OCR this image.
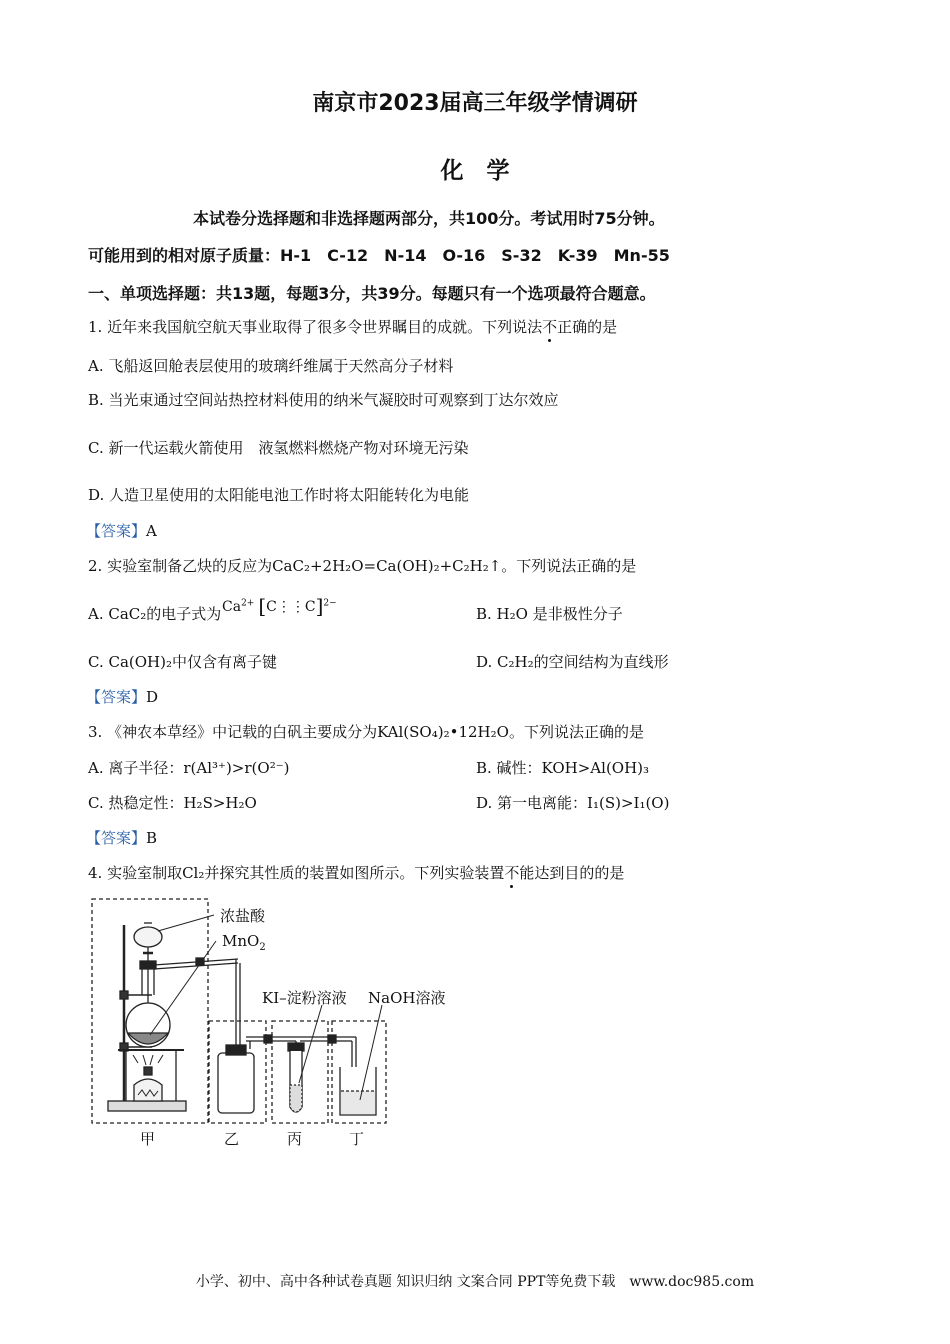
南京市2023届高三年级学情调研
化　学
本试卷分选择题和非选择题两部分，共100分。考试用时75分钟。
可能用到的相对原子质量：H-1　C-12　N-14　O-16　S-32　K-39　Mn-55
一、单项选择题：共13题，每题3分，共39分。每题只有一个选项最符合题意。
1. 近年来我国航空航天事业取得了很多令世界瞩目的成就。下列说法不正确的是
A. 飞船返回舱表层使用的玻璃纤维属于天然高分子材料
B. 当光束通过空间站热控材料使用的纳米气凝胶时可观察到丁达尔效应
C. 新一代运载火箭使用　液氢燃料燃烧产物对环境无污染
D. 人造卫星使用的太阳能电池工作时将太阳能转化为电能
【答案】A
2. 实验室制备乙炔的反应为CaC₂+2H₂O=Ca(OH)₂+C₂H₂↑。下列说法正确的是
A. CaC₂的电子式为 $Ca^{2+}$ [C⋮⋮C]$^{2-}$
B. H₂O 是非极性分子
C. Ca(OH)₂中仅含有离子键	D. C₂H₂的空间结构为直线形
【答案】D
3. 《神农本草经》中记载的白矾主要成分为KAl(SO₄)₂•12H₂O。下列说法正确的是
A. 离子半径：r(Al³⁺)>r(O²⁻)	B. 碱性：KOH>Al(OH)₃
C. 热稳定性：H₂S>H₂O	D. 第一电离能：I₁(S)>I₁(O)
【答案】B
4. 实验室制取Cl₂并探究其性质的装置如图所示。下列实验装置不能达到目的的是
浓盐酸
MnO$_2$
KI–淀粉溶液 NaOH溶液
甲	乙	丙	丁
小学、初中、高中各种试卷真题 知识归纳 文案合同 PPT等免费下载　www.doc985.com
